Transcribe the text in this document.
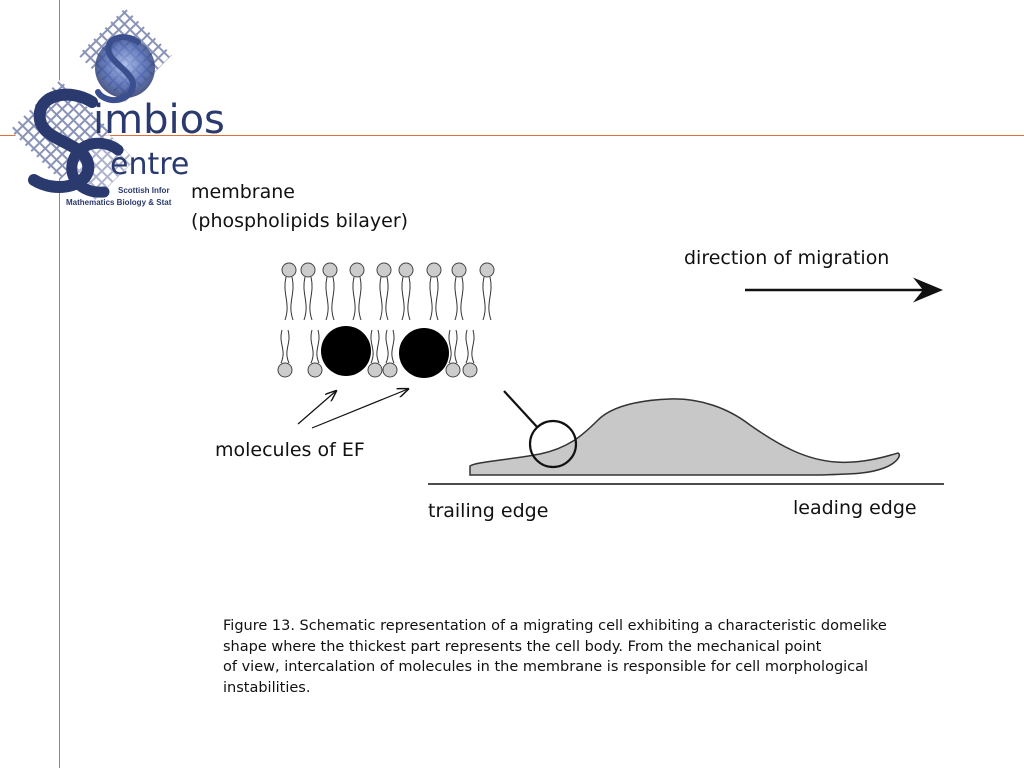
imbios
entre
Scottish Infor
Mathematics Biology & Stat membrane
(phospholipids bilayer)
direction of migration
molecules of EF
trailing edge	leading edge
Figure 13. Schematic representation of a migrating cell exhibiting a characteristic domelike
shape where the thickest part represents the cell body. From the mechanical point
of view, intercalation of molecules in the membrane is responsible for cell morphological
instabilities.
